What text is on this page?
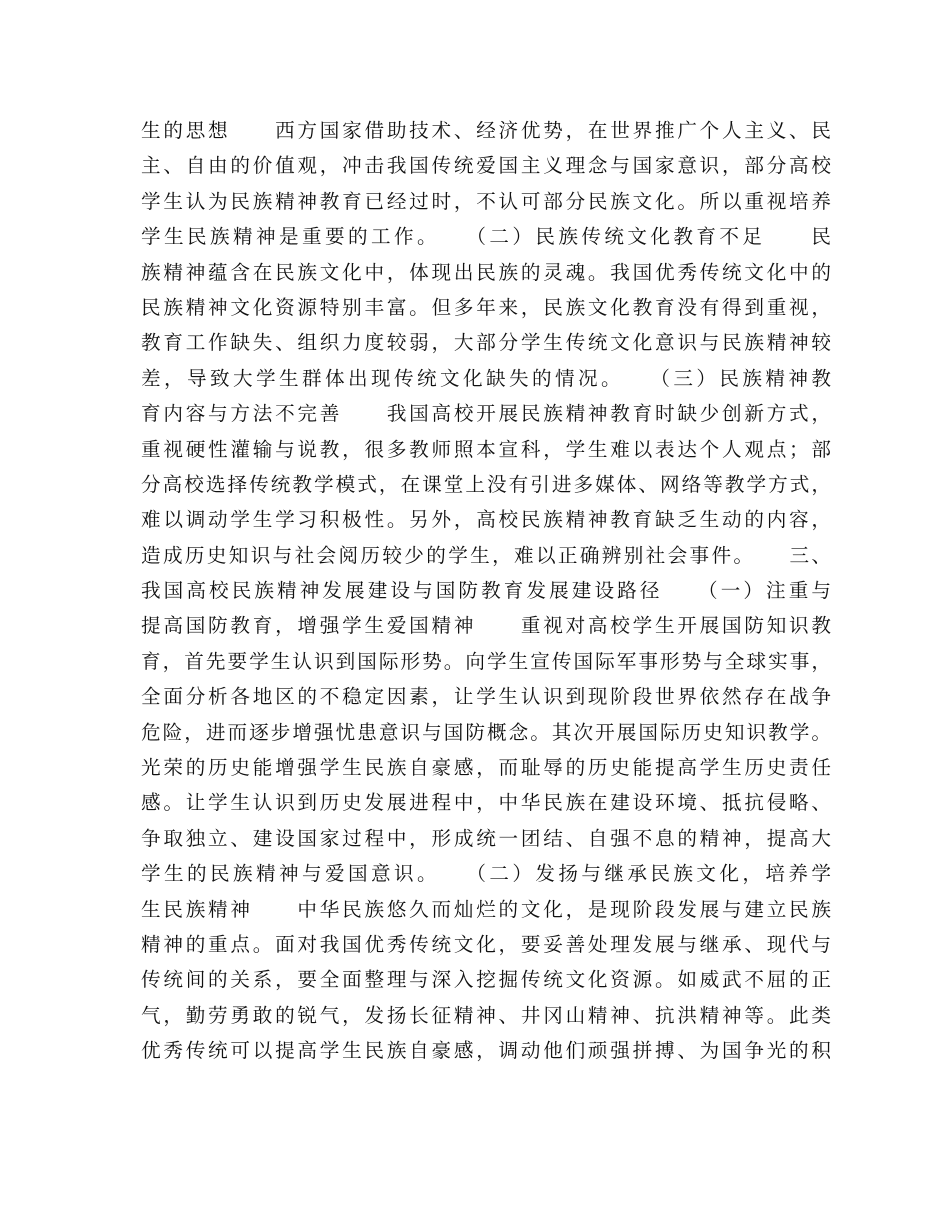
生的思想　　西方国家借助技术、经济优势，在世界推广个人主义、民
主、自由的价值观，冲击我国传统爱国主义理念与国家意识，部分高校
学生认为民族精神教育已经过时，不认可部分民族文化。所以重视培养
学生民族精神是重要的工作。　　（二）民族传统文化教育不足　　民
族精神蕴含在民族文化中，体现出民族的灵魂。我国优秀传统文化中的
民族精神文化资源特别丰富。但多年来，民族文化教育没有得到重视，
教育工作缺失、组织力度较弱，大部分学生传统文化意识与民族精神较
差，导致大学生群体出现传统文化缺失的情况。　　（三）民族精神教
育内容与方法不完善　　我国高校开展民族精神教育时缺少创新方式，
重视硬性灌输与说教，很多教师照本宣科，学生难以表达个人观点；部
分高校选择传统教学模式，在课堂上没有引进多媒体、网络等教学方式，
难以调动学生学习积极性。另外，高校民族精神教育缺乏生动的内容，
造成历史知识与社会阅历较少的学生，难以正确辨别社会事件。　　三、
我国高校民族精神发展建设与国防教育发展建设路径　　（一）注重与
提高国防教育，增强学生爱国精神　　重视对高校学生开展国防知识教
育，首先要学生认识到国际形势。向学生宣传国际军事形势与全球实事，
全面分析各地区的不稳定因素，让学生认识到现阶段世界依然存在战争
危险，进而逐步增强忧患意识与国防概念。其次开展国际历史知识教学。
光荣的历史能增强学生民族自豪感，而耻辱的历史能提高学生历史责任
感。让学生认识到历史发展进程中，中华民族在建设环境、抵抗侵略、
争取独立、建设国家过程中，形成统一团结、自强不息的精神，提高大
学生的民族精神与爱国意识。　　（二）发扬与继承民族文化，培养学
生民族精神　　中华民族悠久而灿烂的文化，是现阶段发展与建立民族
精神的重点。面对我国优秀传统文化，要妥善处理发展与继承、现代与
传统间的关系，要全面整理与深入挖掘传统文化资源。如威武不屈的正
气，勤劳勇敢的锐气，发扬长征精神、井冈山精神、抗洪精神等。此类
优秀传统可以提高学生民族自豪感，调动他们顽强拼搏、为国争光的积
